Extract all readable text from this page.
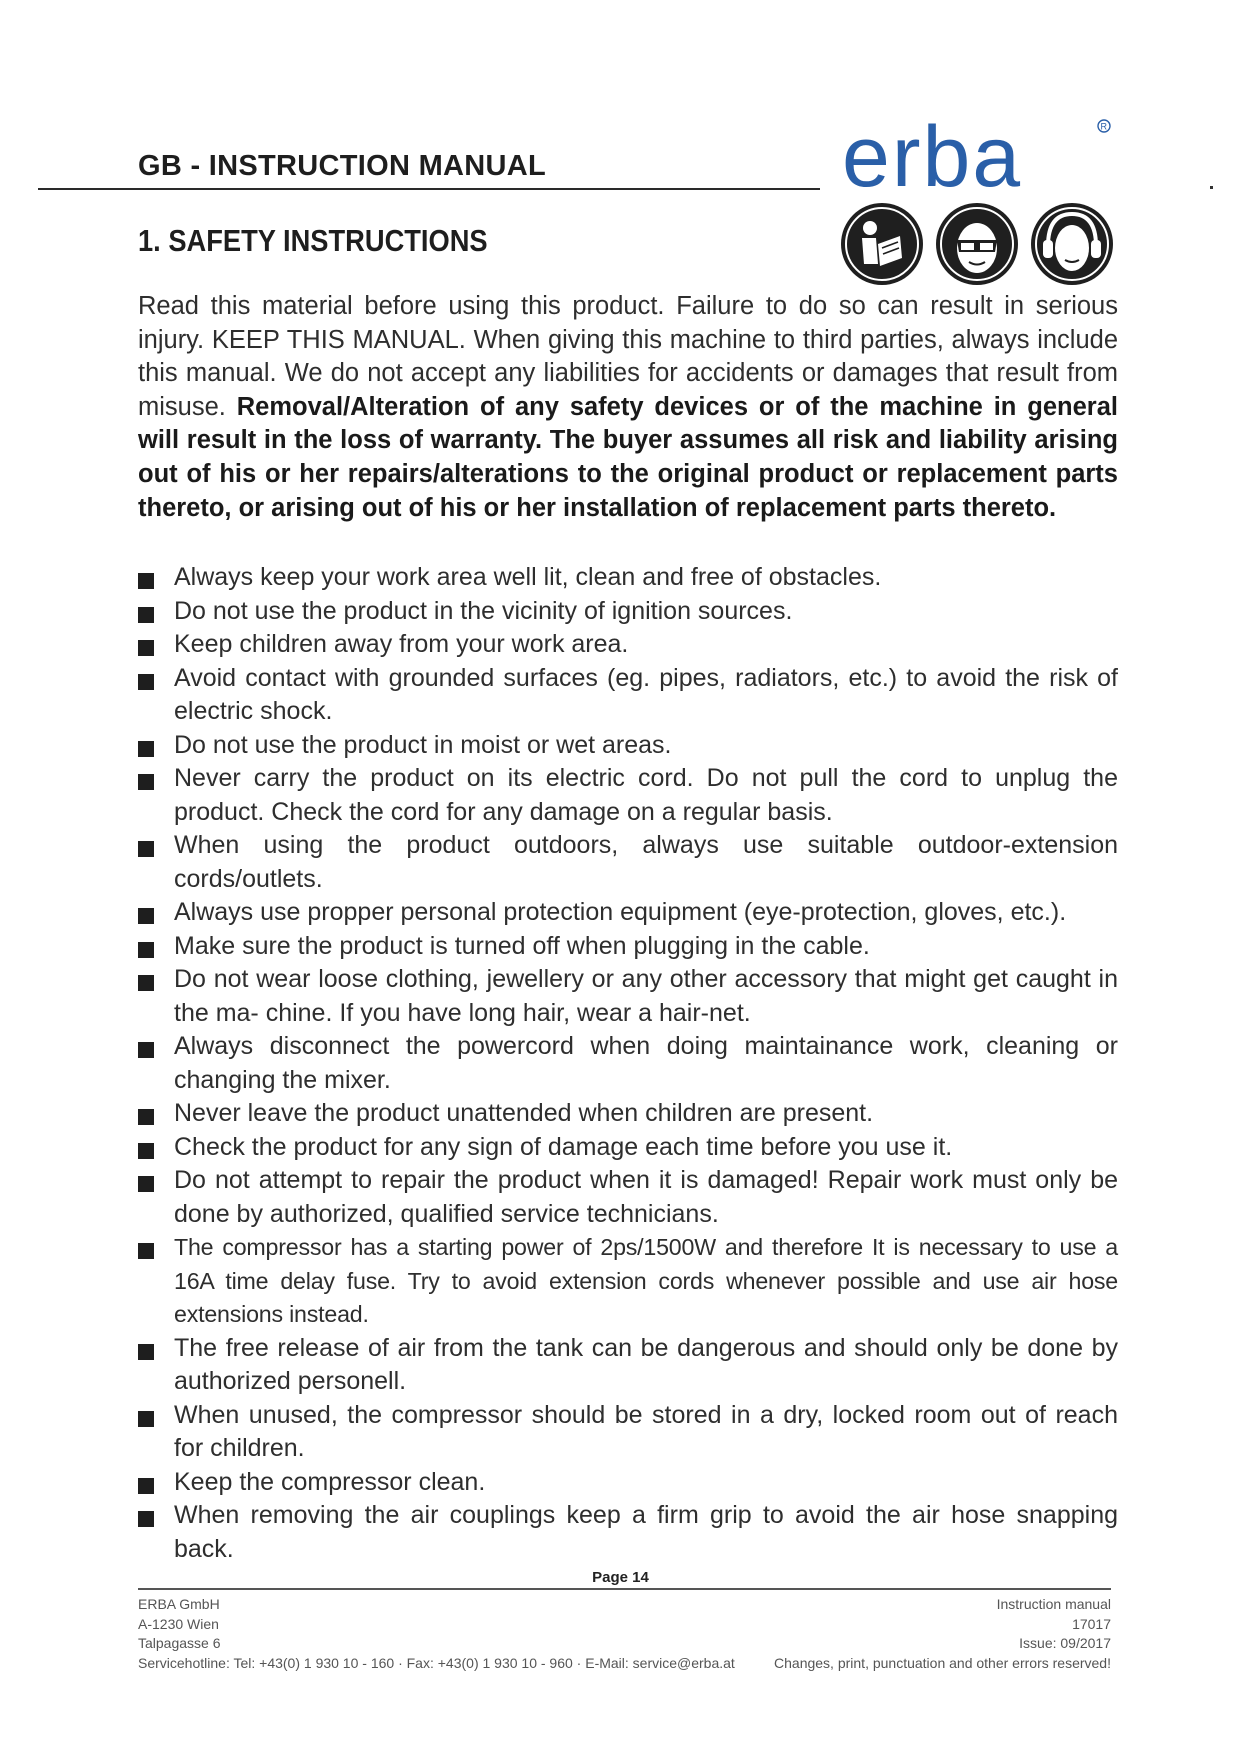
GB - INSTRUCTION MANUAL	erba	R
1. SAFETY INSTRUCTIONS
Read this material before using this product. Failure to do so can result in serious injury. KEEP THIS MANUAL. When giving this machine to third parties, always include this manual. We do not accept any liabilities for accidents or damages that result from misuse. Removal/Alteration of any safety devices or of the machine in general will result in the loss of warranty. The buyer assumes all risk and liability arising out of his or her repairs/alterations to the original product or replacement parts thereto, or arising out of his or her installation of replacement parts thereto.
Always keep your work area well lit, clean and free of obstacles.
Do not use the product in the vicinity of ignition sources.
Keep children away from your work area.
Avoid contact with grounded surfaces (eg. pipes, radiators, etc.) to avoid the risk of electric shock.
Do not use the product in moist or wet areas.
Never carry the product on its electric cord. Do not pull the cord to unplug the product. Check the cord for any damage on a regular basis.
When using the product outdoors, always use suitable outdoor-extension cords/outlets.
Always use propper personal protection equipment (eye-protection, gloves, etc.).
Make sure the product is turned off when plugging in the cable.
Do not wear loose clothing, jewellery or any other accessory that might get caught in the ma- chine. If you have long hair, wear a hair-net.
Always disconnect the powercord when doing maintainance work, cleaning or changing the mixer.
Never leave the product unattended when children are present.
Check the product for any sign of damage each time before you use it.
Do not attempt to repair the product when it is damaged! Repair work must only be done by authorized, qualified service technicians.
The compressor has a starting power of 2ps/1500W and therefore It is necessary to use a 16A time delay fuse. Try to avoid extension cords whenever possible and use air hose extensions instead.
The free release of air from the tank can be dangerous and should only be done by authorized personell.
When unused, the compressor should be stored in a dry, locked room out of reach for children.
Keep the compressor clean.
When removing the air couplings keep a firm grip to avoid the air hose snapping back.
Page 14
ERBA GmbH
A-1230 Wien
Talpagasse 6
Servicehotline: Tel: +43(0) 1 930 10 - 160 · Fax: +43(0) 1 930 10 - 960 · E-Mail: service@erba.at
Instruction manual
17017
Issue: 09/2017
Changes, print, punctuation and other errors reserved!
